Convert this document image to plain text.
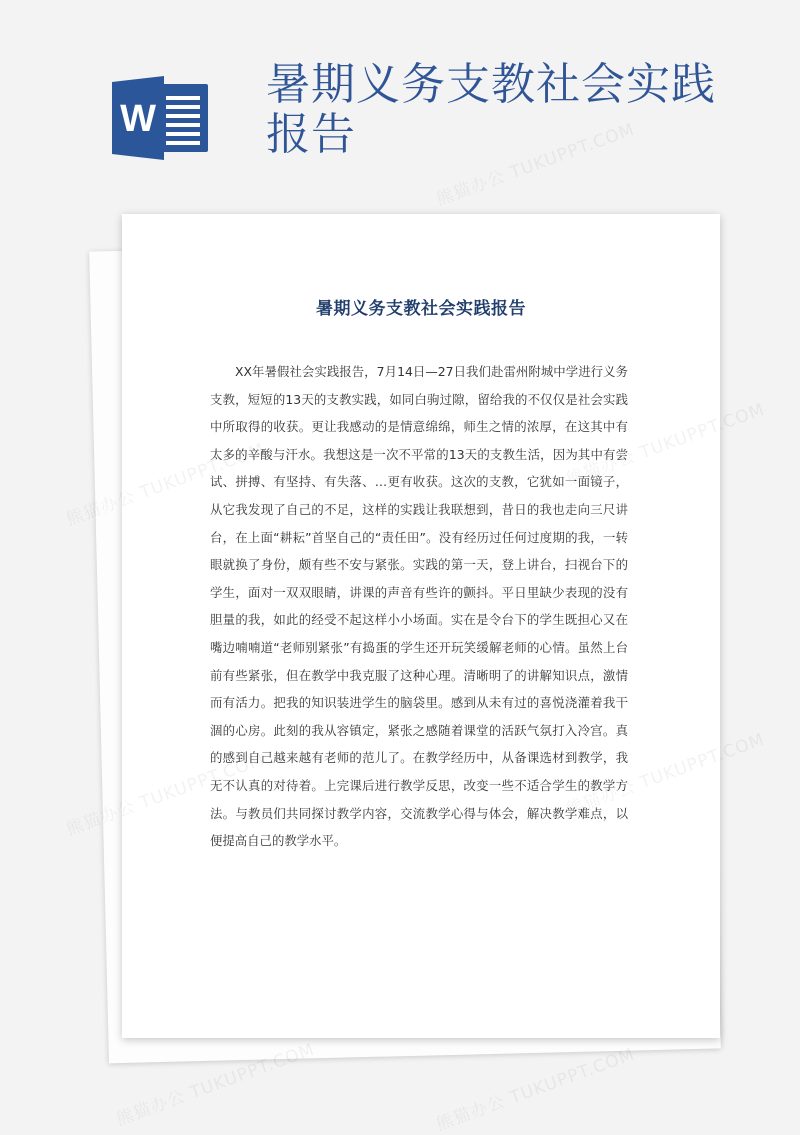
W
暑期义务支教社会实践报告
暑期义务支教社会实践报告

XX年暑假社会实践报告，7月14日—27日我们赴雷州附城中学进行义务支教，短短的13天的支教实践，如同白驹过隙，留给我的不仅仅是社会实践中所取得的收获。更让我感动的是情意绵绵，师生之情的浓厚，在这其中有太多的辛酸与汗水。我想这是一次不平常的13天的支教生活，因为其中有尝试、拼搏、有坚持、有失落、…更有收获。这次的支教，它犹如一面镜子，从它我发现了自己的不足，这样的实践让我联想到，昔日的我也走向三尺讲台，在上面“耕耘”首坚自己的“责任田”。没有经历过任何过度期的我，一转眼就换了身份，颇有些不安与紧张。实践的第一天，登上讲台，扫视台下的学生，面对一双双眼睛，讲课的声音有些许的颤抖。平日里缺少表现的没有胆量的我，如此的经受不起这样小小场面。实在是令台下的学生既担心又在嘴边喃喃道“老师别紧张”有捣蛋的学生还开玩笑缓解老师的心情。虽然上台前有些紧张，但在教学中我克服了这种心理。清晰明了的讲解知识点，激情而有活力。把我的知识装进学生的脑袋里。感到从未有过的喜悦浇灌着我干涸的心房。此刻的我从容镇定，紧张之感随着课堂的活跃气氛打入冷宫。真的感到自己越来越有老师的范儿了。在教学经历中，从备课选材到教学，我无不认真的对待着。上完课后进行教学反思，改变一些不适合学生的教学方法。与教员们共同探讨教学内容，交流教学心得与体会，解决教学难点，以便提高自己的教学水平。

熊猫办公 TUKUPPT.COM
熊猫办公
熊猫办公 TUKUPPT.COM	熊猫办公 TUKUPPT.COM
